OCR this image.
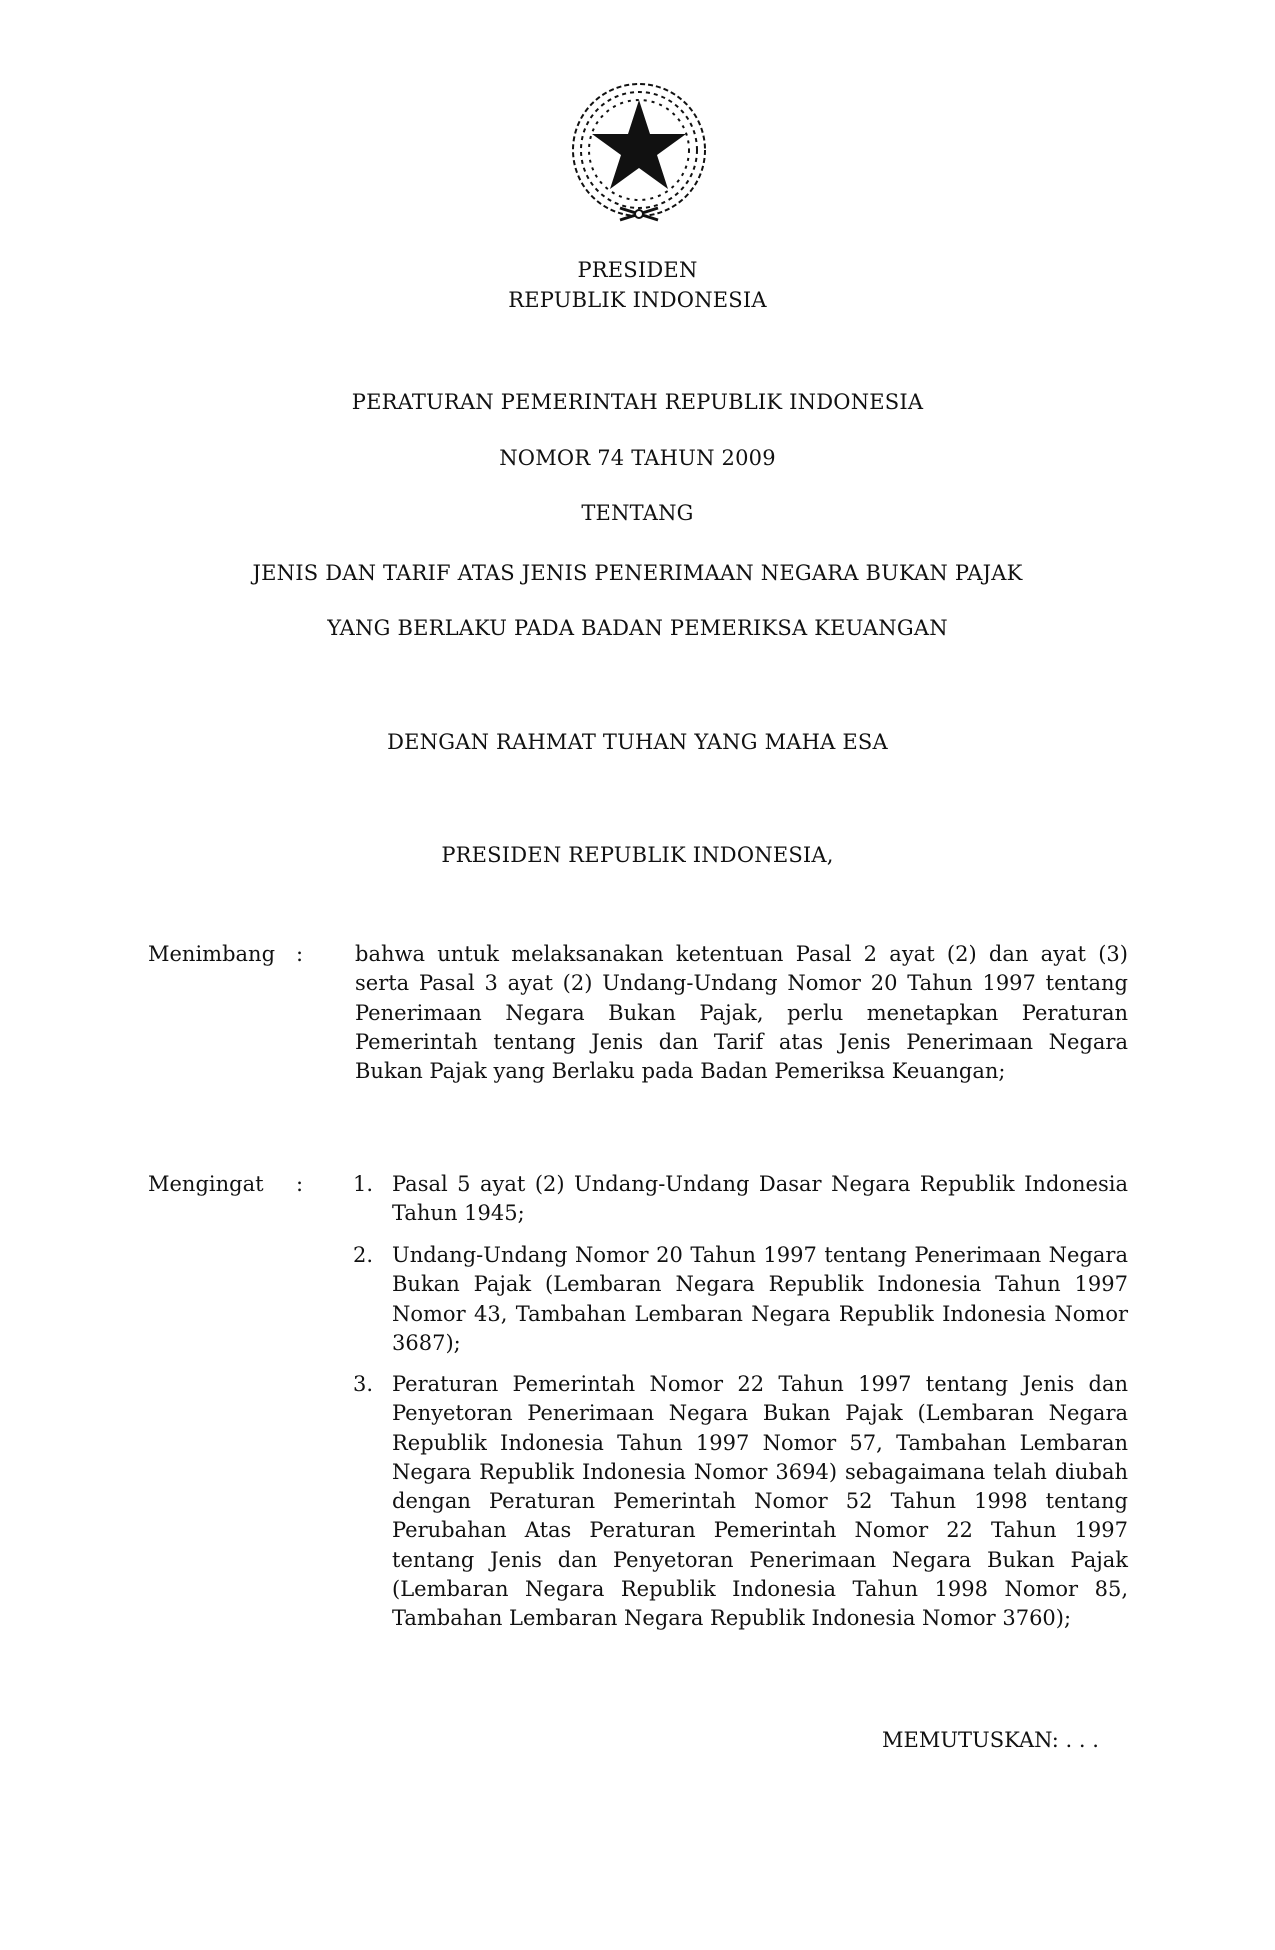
PRESIDEN
REPUBLIK INDONESIA
PERATURAN PEMERINTAH REPUBLIK INDONESIA
NOMOR 74 TAHUN 2009
TENTANG
JENIS DAN TARIF ATAS JENIS PENERIMAAN NEGARA BUKAN PAJAK
YANG BERLAKU PADA BADAN PEMERIKSA KEUANGAN
DENGAN RAHMAT TUHAN YANG MAHA ESA
PRESIDEN REPUBLIK INDONESIA,
Menimbang : bahwa untuk melaksanakan ketentuan Pasal 2 ayat (2) dan ayat (3) serta Pasal 3 ayat (2) Undang-Undang Nomor 20 Tahun 1997 tentang Penerimaan Negara Bukan Pajak, perlu menetapkan Peraturan Pemerintah tentang Jenis dan Tarif atas Jenis Penerimaan Negara Bukan Pajak yang Berlaku pada Badan Pemeriksa Keuangan;
Mengingat : 1. Pasal 5 ayat (2) Undang-Undang Dasar Negara Republik Indonesia Tahun 1945;
2. Undang-Undang Nomor 20 Tahun 1997 tentang Penerimaan Negara Bukan Pajak (Lembaran Negara Republik Indonesia Tahun 1997 Nomor 43, Tambahan Lembaran Negara Republik Indonesia Nomor 3687);
3. Peraturan Pemerintah Nomor 22 Tahun 1997 tentang Jenis dan Penyetoran Penerimaan Negara Bukan Pajak (Lembaran Negara Republik Indonesia Tahun 1997 Nomor 57, Tambahan Lembaran Negara Republik Indonesia Nomor 3694) sebagaimana telah diubah dengan Peraturan Pemerintah Nomor 52 Tahun 1998 tentang Perubahan Atas Peraturan Pemerintah Nomor 22 Tahun 1997 tentang Jenis dan Penyetoran Penerimaan Negara Bukan Pajak (Lembaran Negara Republik Indonesia Tahun 1998 Nomor 85, Tambahan Lembaran Negara Republik Indonesia Nomor 3760);
MEMUTUSKAN: . . .
